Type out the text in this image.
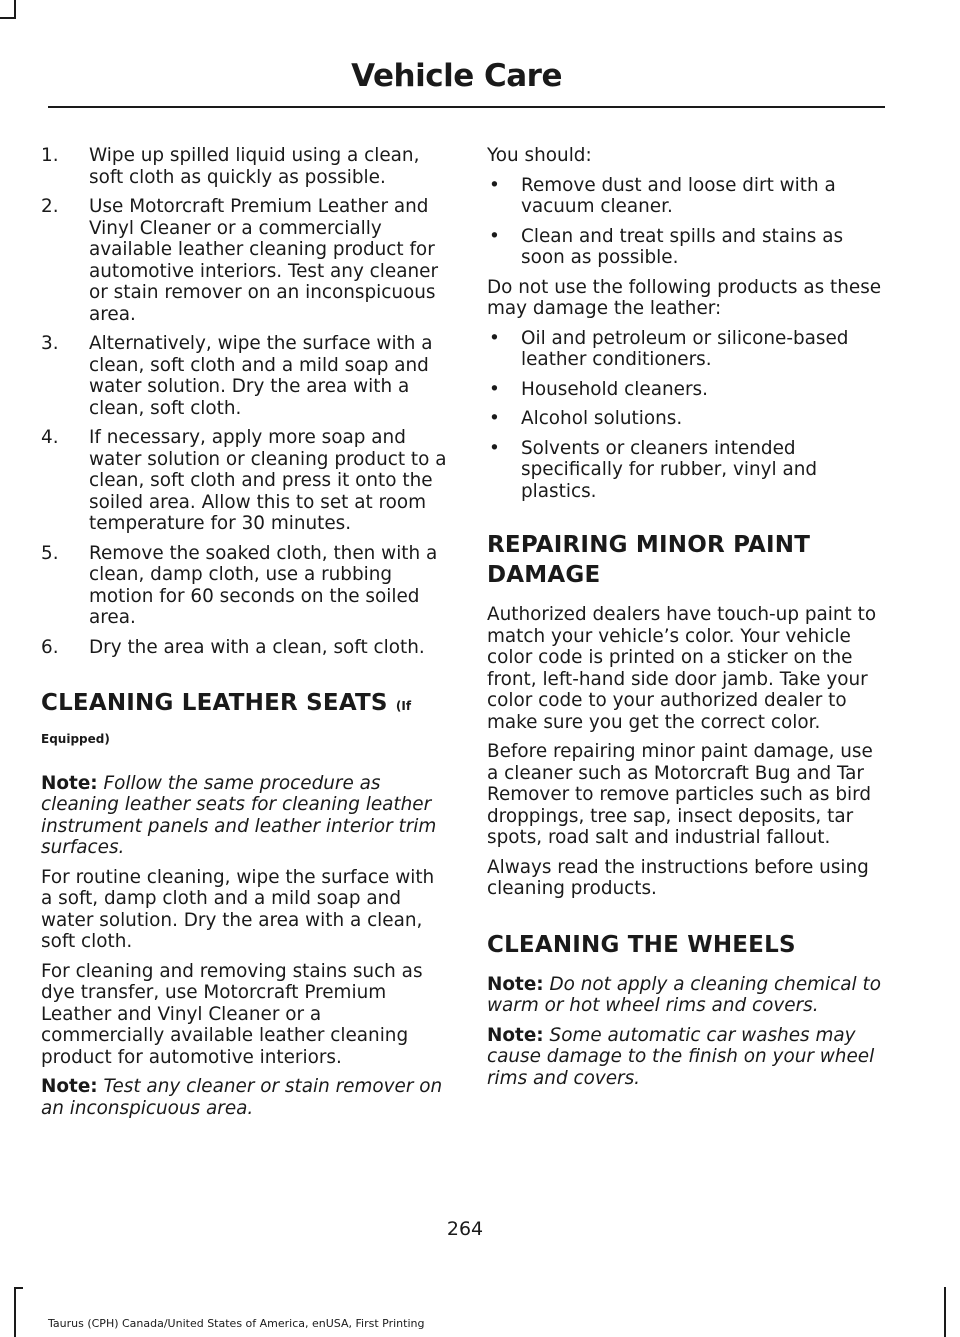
Vehicle Care
1. Wipe up spilled liquid using a clean, soft cloth as quickly as possible.
2. Use Motorcraft Premium Leather and Vinyl Cleaner or a commercially available leather cleaning product for automotive interiors. Test any cleaner or stain remover on an inconspicuous area.
3. Alternatively, wipe the surface with a clean, soft cloth and a mild soap and water solution. Dry the area with a clean, soft cloth.
4. If necessary, apply more soap and water solution or cleaning product to a clean, soft cloth and press it onto the soiled area. Allow this to set at room temperature for 30 minutes.
5. Remove the soaked cloth, then with a clean, damp cloth, use a rubbing motion for 60 seconds on the soiled area.
6. Dry the area with a clean, soft cloth.
CLEANING LEATHER SEATS (If
Equipped)

Note: Follow the same procedure as cleaning leather seats for cleaning leather instrument panels and leather interior trim surfaces.

For routine cleaning, wipe the surface with a soft, damp cloth and a mild soap and water solution. Dry the area with a clean, soft cloth.

For cleaning and removing stains such as dye transfer, use Motorcraft Premium Leather and Vinyl Cleaner or a commercially available leather cleaning product for automotive interiors.

Note: Test any cleaner or stain remover on an inconspicuous area.

You should:

• Remove dust and loose dirt with a vacuum cleaner.
• Clean and treat spills and stains as soon as possible.

Do not use the following products as these may damage the leather:

• Oil and petroleum or silicone-based leather conditioners.
• Household cleaners.
• Alcohol solutions.
• Solvents or cleaners intended specifically for rubber, vinyl and plastics.
REPAIRING MINOR PAINT
DAMAGE

Authorized dealers have touch-up paint to match your vehicle’s color. Your vehicle color code is printed on a sticker on the front, left-hand side door jamb. Take your color code to your authorized dealer to make sure you get the correct color.

Before repairing minor paint damage, use a cleaner such as Motorcraft Bug and Tar Remover to remove particles such as bird droppings, tree sap, insect deposits, tar spots, road salt and industrial fallout.

Always read the instructions before using cleaning products.

CLEANING THE WHEELS

Note: Do not apply a cleaning chemical to warm or hot wheel rims and covers.

Note: Some automatic car washes may cause damage to the finish on your wheel rims and covers.

264
Taurus (CPH) Canada/United States of America, enUSA, First Printing
